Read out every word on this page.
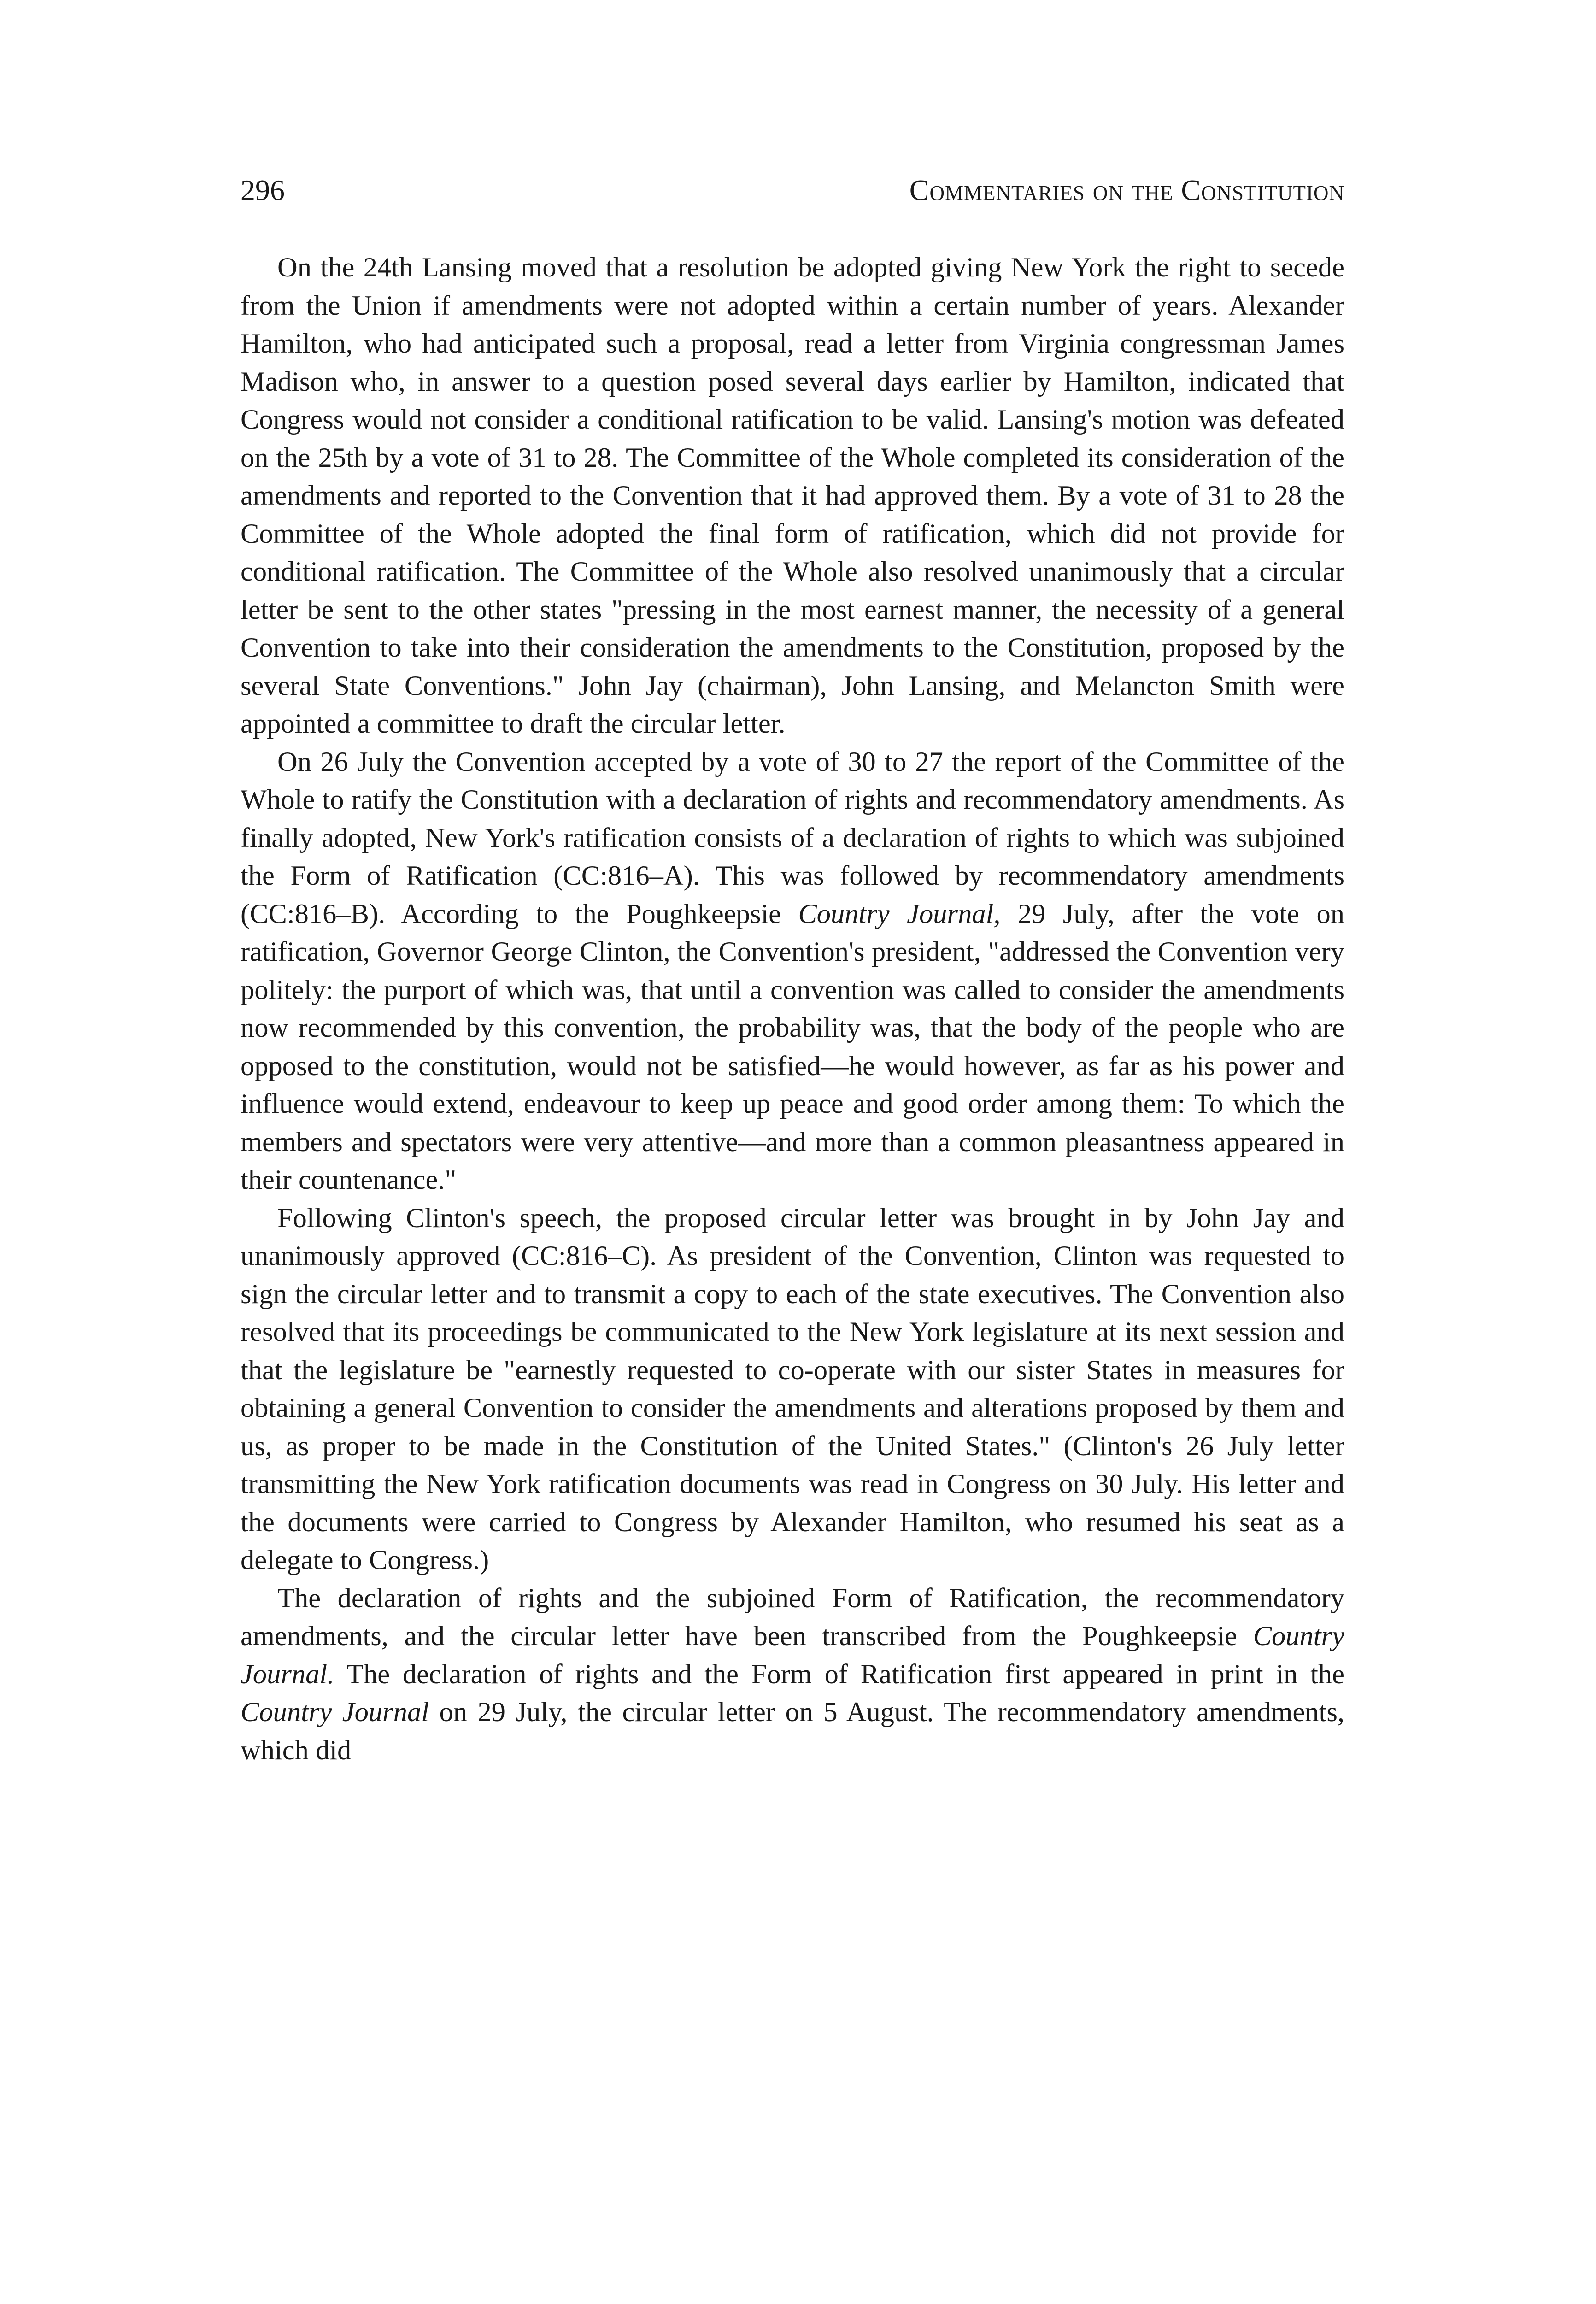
296	Commentaries on the Constitution

On the 24th Lansing moved that a resolution be adopted giving New York the right to secede from the Union if amendments were not adopted within a certain number of years. Alexander Hamilton, who had anticipated such a proposal, read a letter from Virginia congressman James Madison who, in answer to a question posed several days earlier by Hamilton, indicated that Congress would not consider a conditional ratification to be valid. Lansing's motion was defeated on the 25th by a vote of 31 to 28. The Committee of the Whole completed its consideration of the amendments and reported to the Convention that it had approved them. By a vote of 31 to 28 the Committee of the Whole adopted the final form of ratification, which did not provide for conditional ratification. The Committee of the Whole also resolved unanimously that a circular letter be sent to the other states "pressing in the most earnest manner, the necessity of a general Convention to take into their consideration the amendments to the Constitution, proposed by the several State Conventions." John Jay (chairman), John Lansing, and Melancton Smith were appointed a committee to draft the circular letter.

On 26 July the Convention accepted by a vote of 30 to 27 the report of the Committee of the Whole to ratify the Constitution with a declaration of rights and recommendatory amendments. As finally adopted, New York's ratification consists of a declaration of rights to which was subjoined the Form of Ratification (CC:816–A). This was followed by recommendatory amendments (CC:816–B). According to the Poughkeepsie Country Journal, 29 July, after the vote on ratification, Governor George Clinton, the Convention's president, "addressed the Convention very politely: the purport of which was, that until a convention was called to consider the amendments now recommended by this convention, the probability was, that the body of the people who are opposed to the constitution, would not be satisfied—he would however, as far as his power and influence would extend, endeavour to keep up peace and good order among them: To which the members and spectators were very attentive—and more than a common pleasantness appeared in their countenance."

Following Clinton's speech, the proposed circular letter was brought in by John Jay and unanimously approved (CC:816–C). As president of the Convention, Clinton was requested to sign the circular letter and to transmit a copy to each of the state executives. The Convention also resolved that its proceedings be communicated to the New York legislature at its next session and that the legislature be "earnestly requested to co-operate with our sister States in measures for obtaining a general Convention to consider the amendments and alterations proposed by them and us, as proper to be made in the Constitution of the United States." (Clinton's 26 July letter transmitting the New York ratification documents was read in Congress on 30 July. His letter and the documents were carried to Congress by Alexander Hamilton, who resumed his seat as a delegate to Congress.)

The declaration of rights and the subjoined Form of Ratification, the recommendatory amendments, and the circular letter have been transcribed from the Poughkeepsie Country Journal. The declaration of rights and the Form of Ratification first appeared in print in the Country Journal on 29 July, the circular letter on 5 August. The recommendatory amendments, which did
